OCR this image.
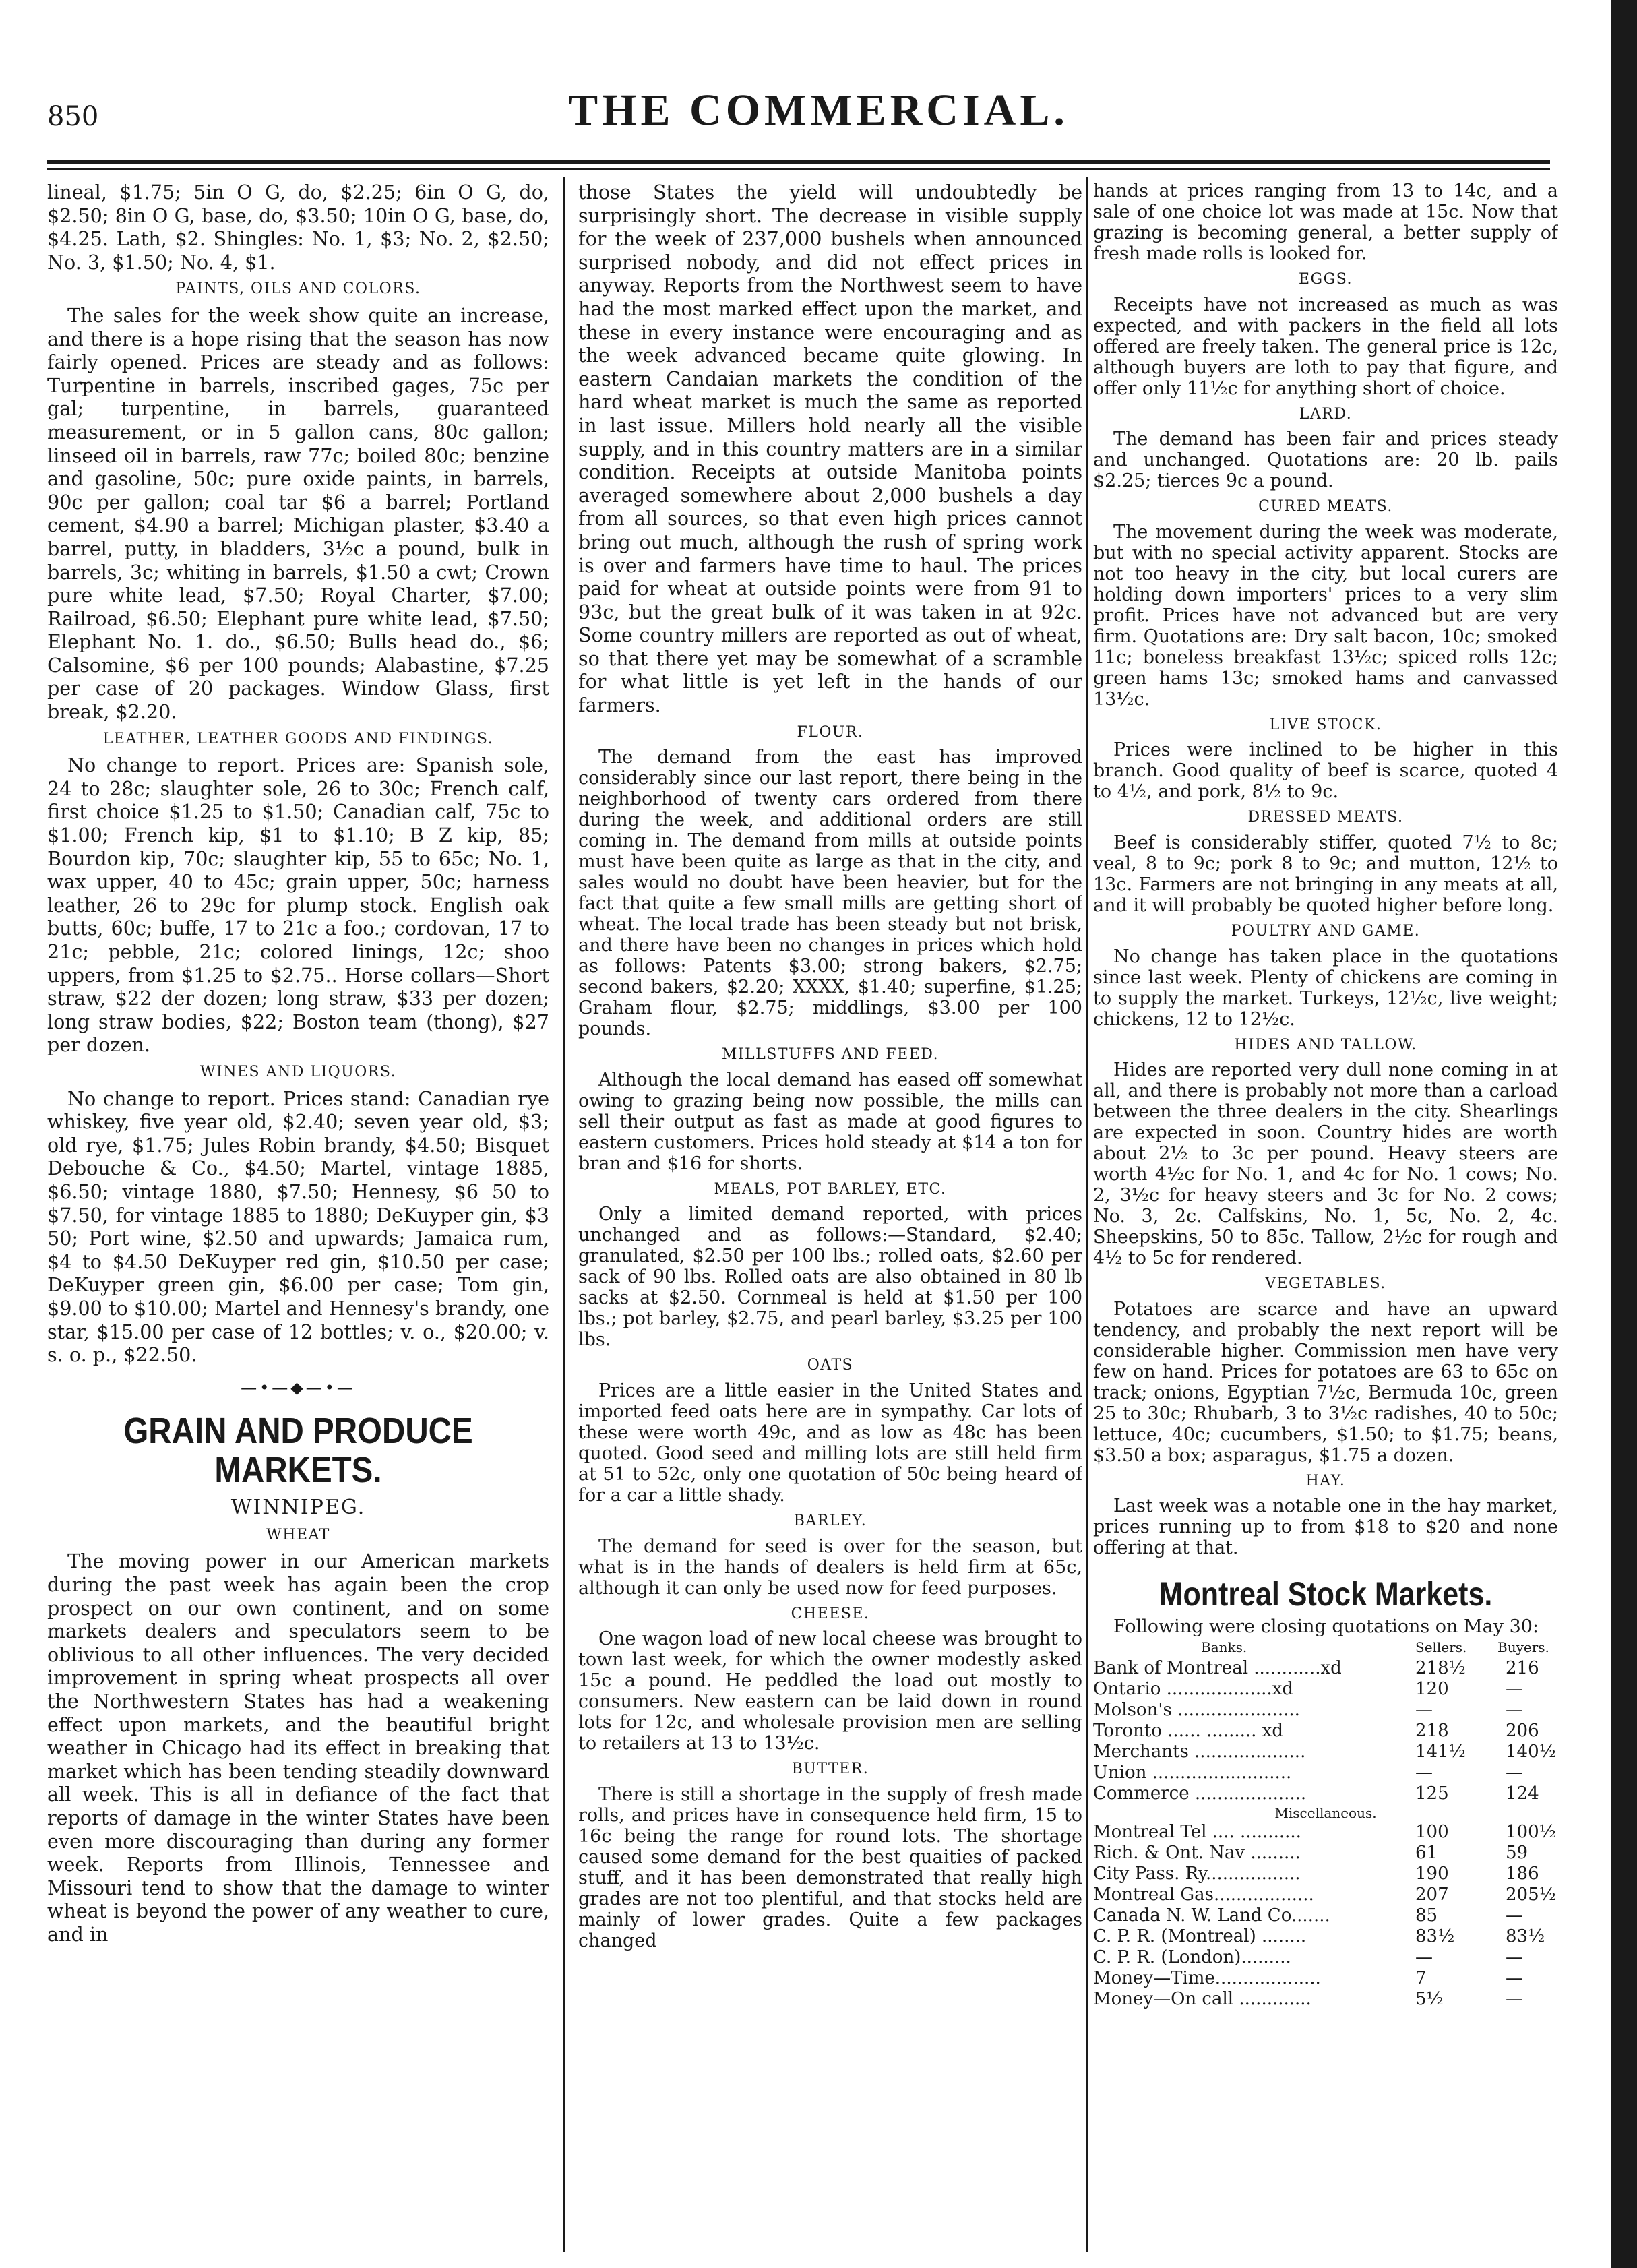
850	THE COMMERCIAL.

lineal, $1.75; 5in O G, do, $2.25; 6in O G, do, $2.50; 8in O G, base, do, $3.50; 10in O G, base, do, $4.25. Lath, $2. Shingles: No. 1, $3; No. 2, $2.50; No. 3, $1.50; No. 4, $1.

PAINTS, OILS AND COLORS.

The sales for the week show quite an increase, and there is a hope rising that the season has now fairly opened. Prices are steady and as follows: Turpentine in barrels, inscribed gages, 75c per gal; turpentine, in barrels, guaranteed measurement, or in 5 gallon cans, 80c gallon; linseed oil in barrels, raw 77c; boiled 80c; benzine and gasoline, 50c; pure oxide paints, in barrels, 90c per gallon; coal tar $6 a barrel; Portland cement, $4.90 a barrel; Michigan plaster, $3.40 a barrel, putty, in bladders, 3½c a pound, bulk in barrels, 3c; whiting in barrels, $1.50 a cwt; Crown pure white lead, $7.50; Royal Charter, $7.00; Railroad, $6.50; Elephant pure white lead, $7.50; Elephant No. 1. do., $6.50; Bulls head do., $6; Calsomine, $6 per 100 pounds; Alabastine, $7.25 per case of 20 packages. Window Glass, first break, $2.20.

LEATHER, LEATHER GOODS AND FINDINGS.

No change to report. Prices are: Spanish sole, 24 to 28c; slaughter sole, 26 to 30c; French calf, first choice $1.25 to $1.50; Canadian calf, 75c to $1.00; French kip, $1 to $1.10; B Z kip, 85; Bourdon kip, 70c; slaughter kip, 55 to 65c; No. 1, wax upper, 40 to 45c; grain upper, 50c; harness leather, 26 to 29c for plump stock. English oak butts, 60c; buffe, 17 to 21c a foo.; cordovan, 17 to 21c; pebble, 21c; colored linings, 12c; shoo uppers, from $1.25 to $2.75.. Horse collars—Short straw, $22 der dozen; long straw, $33 per dozen; long straw bodies, $22; Boston team (thong), $27 per dozen.

WINES AND LIQUORS.

No change to report. Prices stand: Canadian rye whiskey, five year old, $2.40; seven year old, $3; old rye, $1.75; Jules Robin brandy, $4.50; Bisquet Debouche & Co., $4.50; Martel, vintage 1885, $6.50; vintage 1880, $7.50; Hennesy, $6 50 to $7.50, for vintage 1885 to 1880; DeKuyper gin, $3 50; Port wine, $2.50 and upwards; Jamaica rum, $4 to $4.50 DeKuyper red gin, $10.50 per case; DeKuyper green gin, $6.00 per case; Tom gin, $9.00 to $10.00; Martel and Hennesy's brandy, one star, $15.00 per case of 12 bottles; v. o., $20.00; v. s. o. p., $22.50.

—•—◆—•—
GRAIN AND PRODUCE MARKETS.
WINNIPEG.
WHEAT

The moving power in our American markets during the past week has again been the crop prospect on our own continent, and on some markets dealers and speculators seem to be oblivious to all other influences. The very decided improvement in spring wheat prospects all over the Northwestern States has had a weakening effect upon markets, and the beautiful bright weather in Chicago had its effect in breaking that market which has been tending steadily downward all week. This is all in defiance of the fact that reports of damage in the winter States have been even more discouraging than during any former week. Reports from Illinois, Tennessee and Missouri tend to show that the damage to winter wheat is beyond the power of any weather to cure, and in

those States the yield will undoubtedly be surprisingly short. The decrease in visible supply for the week of 237,000 bushels when announced surprised nobody, and did not effect prices in anyway. Reports from the Northwest seem to have had the most marked effect upon the market, and these in every instance were encouraging and as the week advanced became quite glowing. In eastern Candaian markets the condition of the hard wheat market is much the same as reported in last issue. Millers hold nearly all the visible supply, and in this country matters are in a similar condition. Receipts at outside Manitoba points averaged somewhere about 2,000 bushels a day from all sources, so that even high prices cannot bring out much, although the rush of spring work is over and farmers have time to haul. The prices paid for wheat at outside points were from 91 to 93c, but the great bulk of it was taken in at 92c. Some country millers are reported as out of wheat, so that there yet may be somewhat of a scramble for what little is yet left in the hands of our farmers.

FLOUR.

The demand from the east has improved considerably since our last report, there being in the neighborhood of twenty cars ordered from there during the week, and additional orders are still coming in. The demand from mills at outside points must have been quite as large as that in the city, and sales would no doubt have been heavier, but for the fact that quite a few small mills are getting short of wheat. The local trade has been steady but not brisk, and there have been no changes in prices which hold as follows: Patents $3.00; strong bakers, $2.75; second bakers, $2.20; XXXX, $1.40; superfine, $1.25; Graham flour, $2.75; middlings, $3.00 per 100 pounds.

MILLSTUFFS AND FEED.

Although the local demand has eased off somewhat owing to grazing being now possible, the mills can sell their output as fast as made at good figures to eastern customers. Prices hold steady at $14 a ton for bran and $16 for shorts.

MEALS, POT BARLEY, ETC.

Only a limited demand reported, with prices unchanged and as follows:—Standard, $2.40; granulated, $2.50 per 100 lbs.; rolled oats, $2.60 per sack of 90 lbs. Rolled oats are also obtained in 80 lb sacks at $2.50. Cornmeal is held at $1.50 per 100 lbs.; pot barley, $2.75, and pearl barley, $3.25 per 100 lbs.

OATS

Prices are a little easier in the United States and imported feed oats here are in sympathy. Car lots of these were worth 49c, and as low as 48c has been quoted. Good seed and milling lots are still held firm at 51 to 52c, only one quotation of 50c being heard of for a car a little shady.

BARLEY.

The demand for seed is over for the season, but what is in the hands of dealers is held firm at 65c, although it can only be used now for feed purposes.

CHEESE.

One wagon load of new local cheese was brought to town last week, for which the owner modestly asked 15c a pound. He peddled the load out mostly to consumers. New eastern can be laid down in round lots for 12c, and wholesale provision men are selling to retailers at 13 to 13½c.

BUTTER.

There is still a shortage in the supply of fresh made rolls, and prices have in consequence held firm, 15 to 16c being the range for round lots. The shortage caused some demand for the best quaities of packed stuff, and it has been demonstrated that really high grades are not too plentiful, and that stocks held are mainly of lower grades. Quite a few packages changed

hands at prices ranging from 13 to 14c, and a sale of one choice lot was made at 15c. Now that grazing is becoming general, a better supply of fresh made rolls is looked for.

EGGS.

Receipts have not increased as much as was expected, and with packers in the field all lots offered are freely taken. The general price is 12c, although buyers are loth to pay that figure, and offer only 11½c for anything short of choice.

LARD.

The demand has been fair and prices steady and unchanged. Quotations are: 20 lb. pails $2.25; tierces 9c a pound.

CURED MEATS.

The movement during the week was moderate, but with no special activity apparent. Stocks are not too heavy in the city, but local curers are holding down importers' prices to a very slim profit. Prices have not advanced but are very firm. Quotations are: Dry salt bacon, 10c; smoked 11c; boneless breakfast 13½c; spiced rolls 12c; green hams 13c; smoked hams and canvassed 13½c.

LIVE STOCK.

Prices were inclined to be higher in this branch. Good quality of beef is scarce, quoted 4 to 4½, and pork, 8½ to 9c.

DRESSED MEATS.

Beef is considerably stiffer, quoted 7½ to 8c; veal, 8 to 9c; pork 8 to 9c; and mutton, 12½ to 13c. Farmers are not bringing in any meats at all, and it will probably be quoted higher before long.

POULTRY AND GAME.

No change has taken place in the quotations since last week. Plenty of chickens are coming in to supply the market. Turkeys, 12½c, live weight; chickens, 12 to 12½c.

HIDES AND TALLOW.

Hides are reported very dull none coming in at all, and there is probably not more than a carload between the three dealers in the city. Shearlings are expected in soon. Country hides are worth about 2½ to 3c per pound. Heavy steers are worth 4½c for No. 1, and 4c for No. 1 cows; No. 2, 3½c for heavy steers and 3c for No. 2 cows; No. 3, 2c. Calfskins, No. 1, 5c, No. 2, 4c. Sheepskins, 50 to 85c. Tallow, 2½c for rough and 4½ to 5c for rendered.

VEGETABLES.

Potatoes are scarce and have an upward tendency, and probably the next report will be considerable higher. Commission men have very few on hand. Prices for potatoes are 63 to 65c on track; onions, Egyptian 7½c, Bermuda 10c, green 25 to 30c; Rhubarb, 3 to 3½c radishes, 40 to 50c; lettuce, 40c; cucumbers, $1.50; to $1.75; beans, $3.50 a box; asparagus, $1.75 a dozen.

HAY.

Last week was a notable one in the hay market, prices running up to from $18 to $20 and none offering at that.

Montreal Stock Markets.

Following were closing quotations on May 30:

Banks.	Sellers. Buyers.
Bank of Montreal ............xd	218½ 216
Ontario ...................xd	120	—
Molson's ......................	—	—
Toronto ...... ......... xd	218	206
Merchants ....................	141½ 140½
Union .........................	—	—
Commerce ....................	125	124
Miscellaneous.
Montreal Tel .... ...........	100	100½
Rich. & Ont. Nav .........	61	59
City Pass. Ry.................	190	186
Montreal Gas..................	207	205½
Canada N. W. Land Co.......	85	—
C. P. R. (Montreal) ........	83½	83½
C. P. R. (London).........	—	—
Money—Time...................	7	—
Money—On call .............	5½	—
